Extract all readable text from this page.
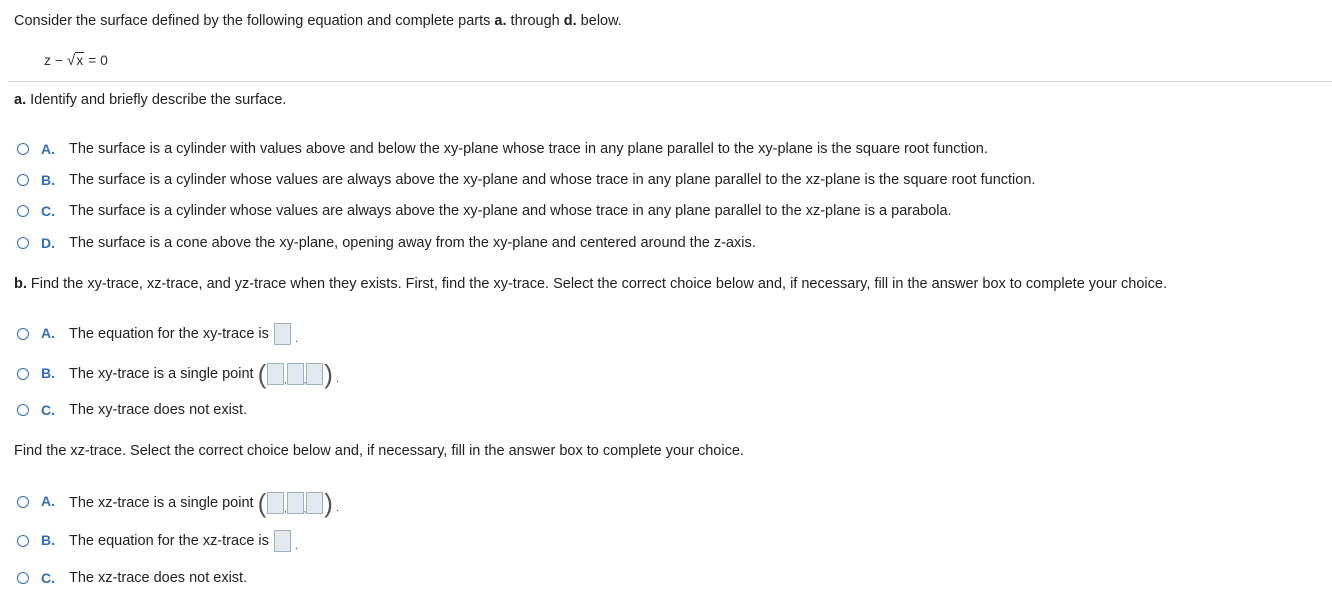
Consider the surface defined by the following equation and complete parts a. through d. below.
z − √x = 0
a. Identify and briefly describe the surface.
A. The surface is a cylinder with values above and below the xy-plane whose trace in any plane parallel to the xy-plane is the square root function.
B. The surface is a cylinder whose values are always above the xy-plane and whose trace in any plane parallel to the xz-plane is the square root function.
C. The surface is a cylinder whose values are always above the xy-plane and whose trace in any plane parallel to the xz-plane is a parabola.
D. The surface is a cone above the xy-plane, opening away from the xy-plane and centered around the z-axis.
b. Find the xy-trace, xz-trace, and yz-trace when they exists. First, find the xy-trace. Select the correct choice below and, if necessary, fill in the answer box to complete your choice.
A. The equation for the xy-trace is .
B. The xy-trace is a single point ( , , ) .
C. The xy-trace does not exist.
Find the xz-trace. Select the correct choice below and, if necessary, fill in the answer box to complete your choice.
A. The xz-trace is a single point ( , , ) .
B. The equation for the xz-trace is .
C. The xz-trace does not exist.
